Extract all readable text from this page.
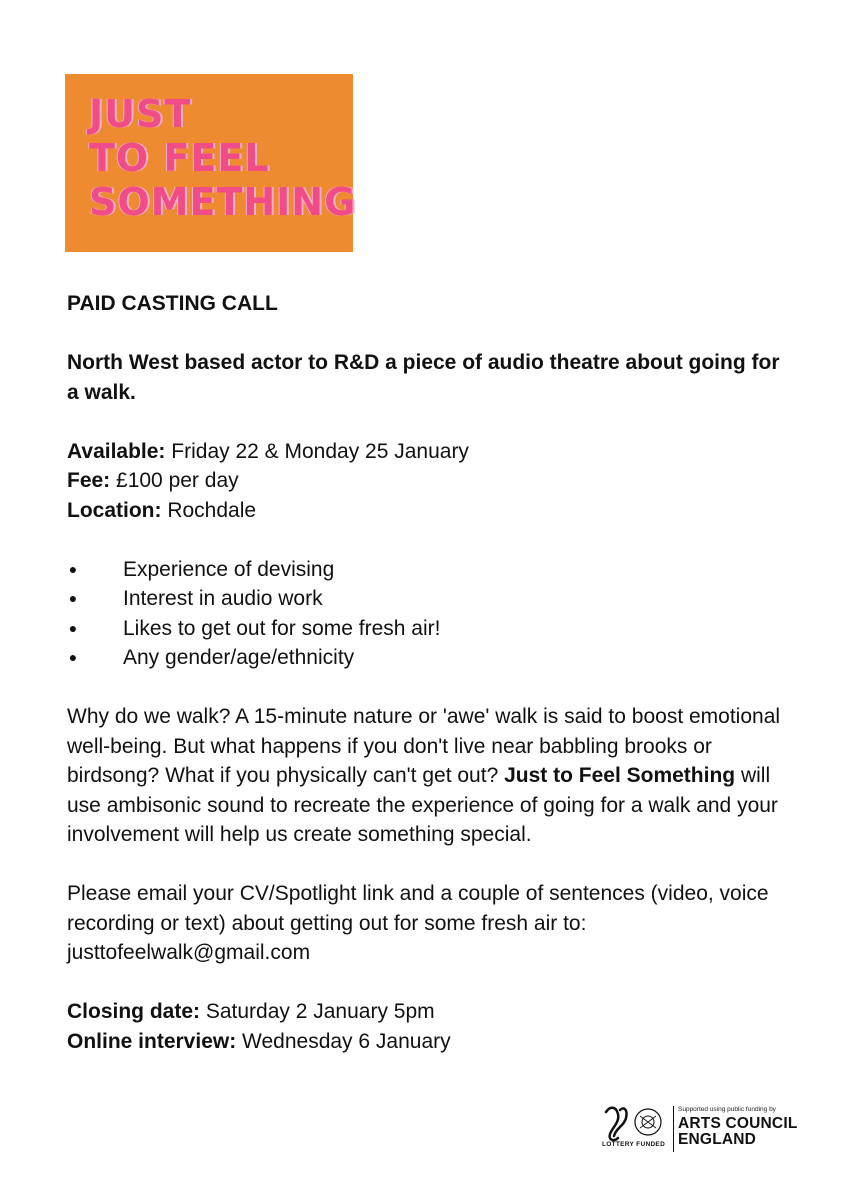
JUST
TO FEEL
SOMETHING
PAID CASTING CALL
North West based actor to R&D a piece of audio theatre about going for a walk.
Available: Friday 22 & Monday 25 January
Fee: £100 per day
Location: Rochdale
● Experience of devising
● Interest in audio work
● Likes to get out for some fresh air!
● Any gender/age/ethnicity

Why do we walk? A 15-minute nature or 'awe' walk is said to boost emotional well-being. But what happens if you don't live near babbling brooks or birdsong? What if you physically can't get out? Just to Feel Something will use ambisonic sound to recreate the experience of going for a walk and your involvement will help us create something special.

Please email your CV/Spotlight link and a couple of sentences (video, voice recording or text) about getting out for some fresh air to:
justtofeelwalk@gmail.com

Closing date: Saturday 2 January 5pm
Online interview: Wednesday 6 January
LOTTERY FUNDED
Supported using public funding by
ARTS COUNCIL
ENGLAND
